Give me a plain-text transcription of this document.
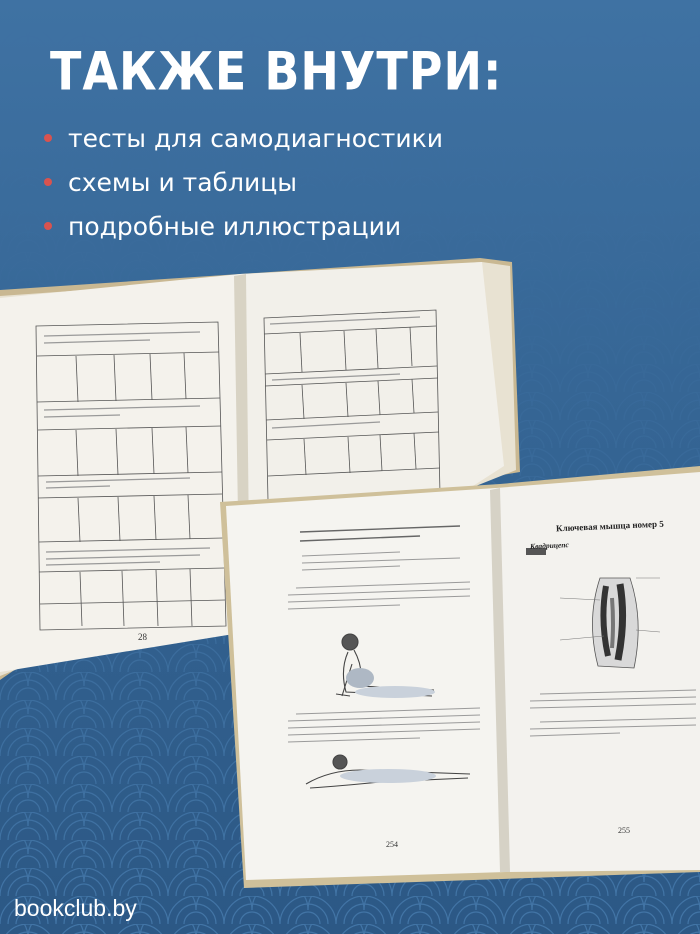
ТАКЖЕ ВНУТРИ:
тесты для самодиагностики
схемы и таблицы
подробные иллюстрации
28
Ключевая мышца номер 5
Квадрицепс
254
255
bookclub.by
